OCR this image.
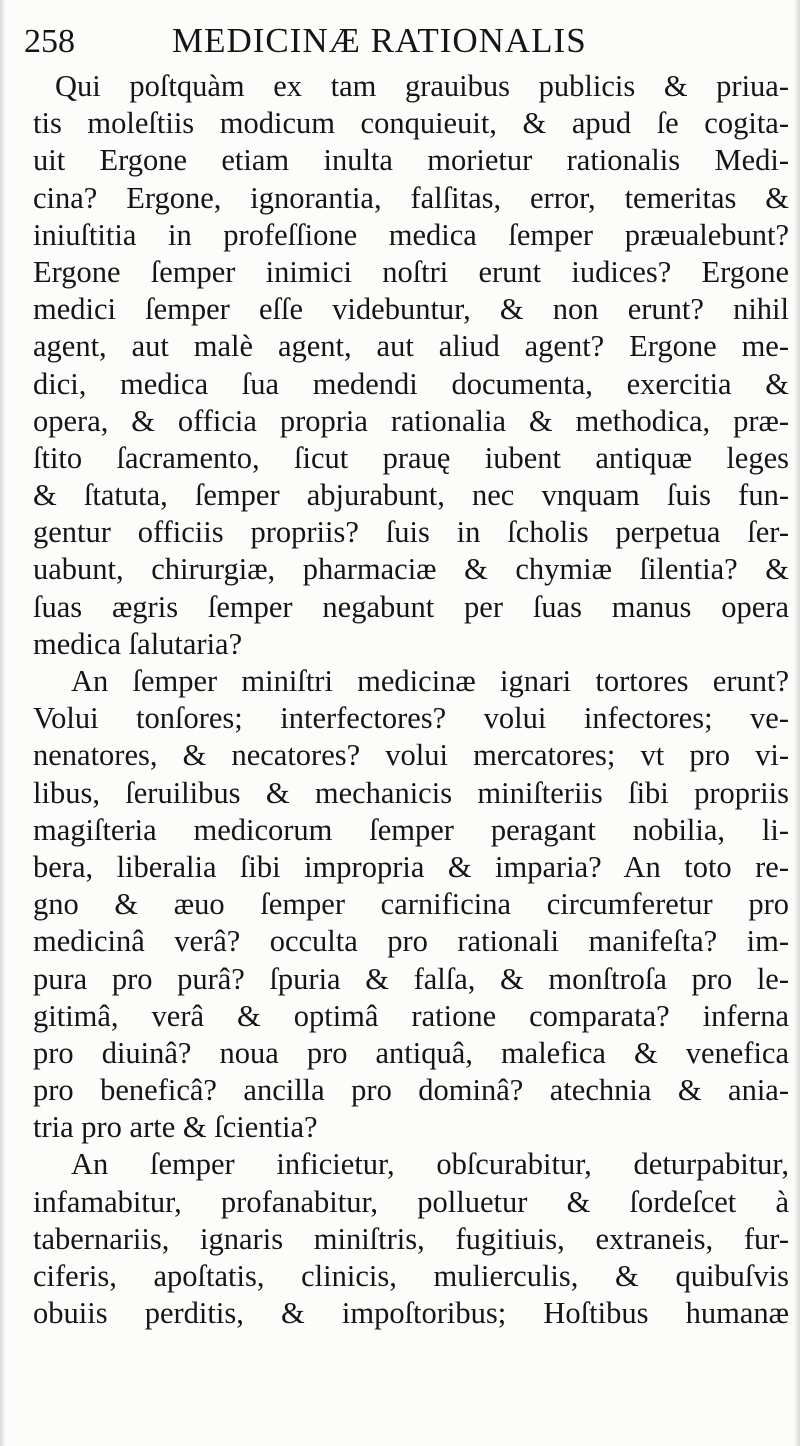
258	MEDICINÆ RATIONALIS
Qui poſtquàm ex tam grauibus publicis & priua-
tis moleſtiis modicum conquieuit, & apud ſe cogita-
uit Ergone etiam inulta morietur rationalis Medi-
cina? Ergone, ignorantia, falſitas, error, temeritas &
iniuſtitia in profeſſione medica ſemper præualebunt?
Ergone ſemper inimici noſtri erunt iudices? Ergone
medici ſemper eſſe videbuntur, & non erunt? nihil
agent, aut malè agent, aut aliud agent? Ergone me-
dici, medica ſua medendi documenta, exercitia &
opera, & officia propria rationalia & methodica, præ-
ſtito ſacramento, ſicut prauę iubent antiquæ leges
& ſtatuta, ſemper abjurabunt, nec vnquam ſuis fun-
gentur officiis propriis? ſuis in ſcholis perpetua ſer-
uabunt, chirurgiæ, pharmaciæ & chymiæ ſilentia? &
ſuas ægris ſemper negabunt per ſuas manus opera
medica ſalutaria?
An ſemper miniſtri medicinæ ignari tortores erunt?
Volui tonſores; interfectores? volui infectores; ve-
nenatores, & necatores? volui mercatores; vt pro vi-
libus, ſeruilibus & mechanicis miniſteriis ſibi propriis
magiſteria medicorum ſemper peragant nobilia, li-
bera, liberalia ſibi impropria & imparia? An toto re-
gno & æuo ſemper carnificina circumferetur pro
medicinâ verâ? occulta pro rationali manifeſta? im-
pura pro purâ? ſpuria & falſa, & monſtroſa pro le-
gitimâ, verâ & optimâ ratione comparata? inferna
pro diuinâ? noua pro antiquâ, malefica & venefica
pro beneficâ? ancilla pro dominâ? atechnia & ania-
tria pro arte & ſcientia?
An ſemper inficietur, obſcurabitur, deturpabitur,
infamabitur, profanabitur, polluetur & ſordeſcet à
tabernariis, ignaris miniſtris, fugitiuis, extraneis, fur-
ciferis, apoſtatis, clinicis, mulierculis, & quibuſvis
obuiis perditis, & impoſtoribus; Hoſtibus humanæ
